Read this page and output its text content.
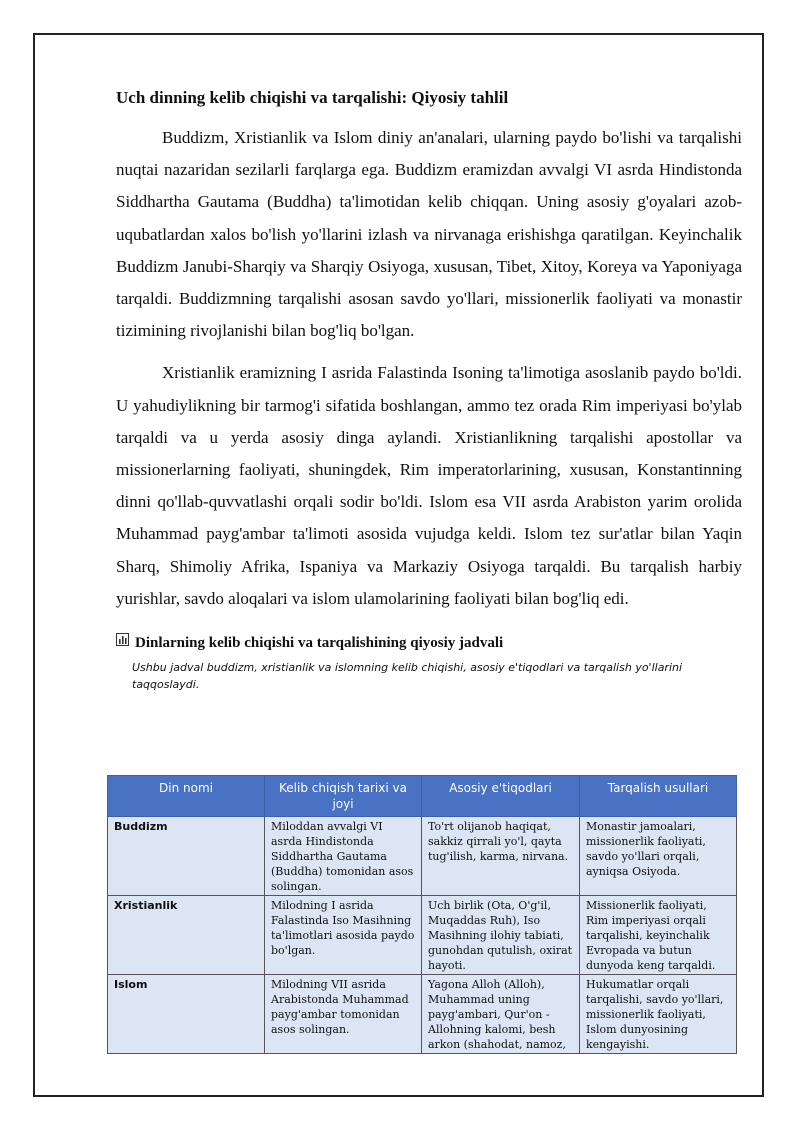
Uch dinning kelib chiqishi va tarqalishi: Qiyosiy tahlil

Buddizm, Xristianlik va Islom diniy an'analari, ularning paydo bo'lishi va tarqalishi nuqtai nazaridan sezilarli farqlarga ega. Buddizm eramizdan avvalgi VI asrda Hindistonda Siddhartha Gautama (Buddha) ta'limotidan kelib chiqqan. Uning asosiy g'oyalari azob-uqubatlardan xalos bo'lish yo'llarini izlash va nirvanaga erishishga qaratilgan. Keyinchalik Buddizm Janubi-Sharqiy va Sharqiy Osiyoga, xususan, Tibet, Xitoy, Koreya va Yaponiyaga tarqaldi. Buddizmning tarqalishi asosan savdo yo'llari, missionerlik faoliyati va monastir tizimining rivojlanishi bilan bog'liq bo'lgan.

Xristianlik eramizning I asrida Falastinda Isoning ta'limotiga asoslanib paydo bo'ldi. U yahudiylikning bir tarmog'i sifatida boshlangan, ammo tez orada Rim imperiyasi bo'ylab tarqaldi va u yerda asosiy dinga aylandi. Xristianlikning tarqalishi apostollar va missionerlarning faoliyati, shuningdek, Rim imperatorlarining, xususan, Konstantinning dinni qo'llab-quvvatlashi orqali sodir bo'ldi. Islom esa VII asrda Arabiston yarim orolida Muhammad payg'ambar ta'limoti asosida vujudga keldi. Islom tez sur'atlar bilan Yaqin Sharq, Shimoliy Afrika, Ispaniya va Markaziy Osiyoga tarqaldi. Bu tarqalish harbiy yurishlar, savdo aloqalari va islom ulamolarining faoliyati bilan bog'liq edi.

Dinlarning kelib chiqishi va tarqalishining qiyosiy jadvali
Ushbu jadval buddizm, xristianlik va islomning kelib chiqishi, asosiy e'tiqodlari va tarqalish yo'llarini taqqoslaydi.
Din nomi	Kelib chiqish tarixi va joyi	Asosiy e'tiqodlari	Tarqalish usullari
Buddizm	Miloddan avvalgi VI asrda Hindistonda Siddhartha Gautama (Buddha) tomonidan asos solingan.	To'rt olijanob haqiqat, sakkiz qirrali yo'l, qayta tug'ilish, karma, nirvana.	Monastir jamoalari, missionerlik faoliyati, savdo yo'llari orqali, ayniqsa Osiyoda.
Xristianlik	Milodning I asrida Falastinda Iso Masihning ta'limotlari asosida paydo bo'lgan.	Uch birlik (Ota, O'g'il, Muqaddas Ruh), Iso Masihning ilohiy tabiati, gunohdan qutulish, oxirat hayoti.	Missionerlik faoliyati, Rim imperiyasi orqali tarqalishi, keyinchalik Evropada va butun dunyoda keng tarqaldi.
Islom	Milodning VII asrida Arabistonda Muhammad payg'ambar tomonidan asos solingan.	Yagona Alloh (Alloh), Muhammad uning payg'ambari, Qur'on - Allohning kalomi, besh arkon (shahodat, namoz,	Hukumatlar orqali tarqalishi, savdo yo'llari, missionerlik faoliyati, Islom dunyosining kengayishi.
